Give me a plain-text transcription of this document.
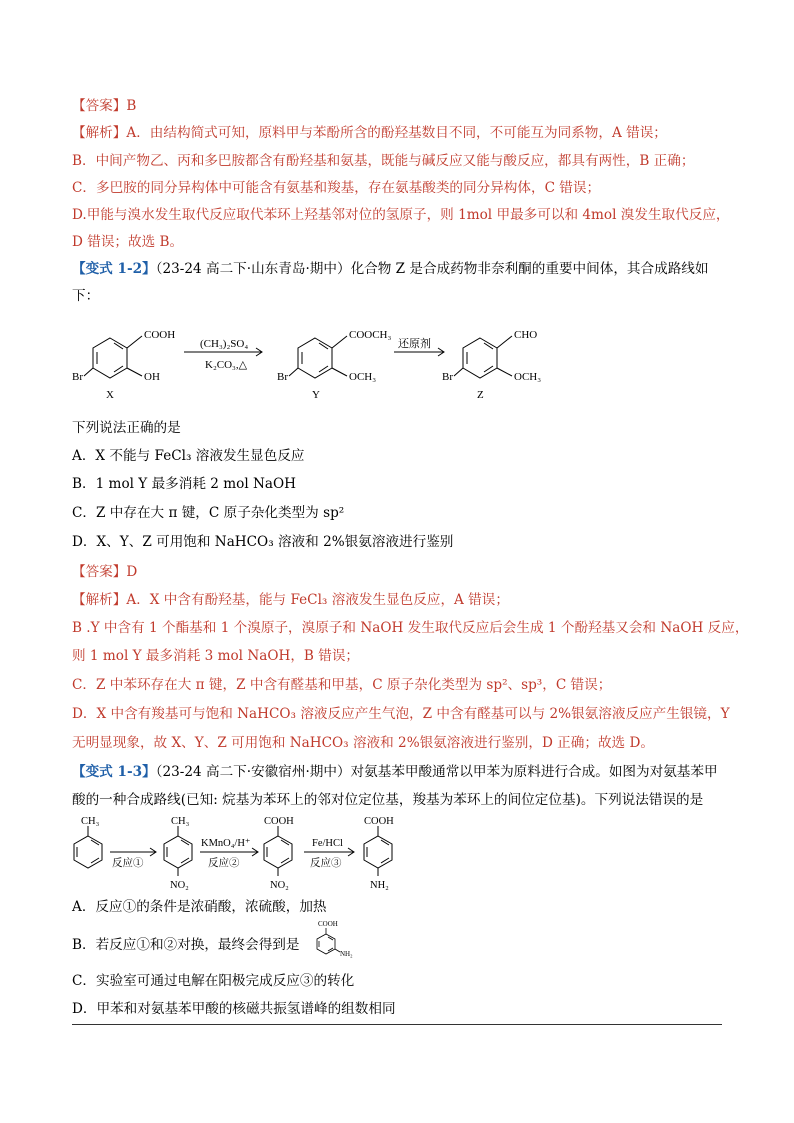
【答案】B
【解析】A．由结构简式可知，原料甲与苯酚所含的酚羟基数目不同，不可能互为同系物，A 错误；
B．中间产物乙、丙和多巴胺都含有酚羟基和氨基，既能与碱反应又能与酸反应，都具有两性，B 正确；
C．多巴胺的同分异构体中可能含有氨基和羧基，存在氨基酸类的同分异构体，C 错误；
D.甲能与溴水发生取代反应取代苯环上羟基邻对位的氢原子，则 1mol 甲最多可以和 4mol 溴发生取代反应，
D 错误；故选 B。
【变式 1-2】（23-24 高二下·山东青岛·期中）化合物 Z 是合成药物非奈利酮的重要中间体，其合成路线如
下：
COOH
OH
Br
X
(CH₃)₂SO₄
K₂CO₃,△
COOCH₃
OCH₃
Br
Y
还原剂
CHO
OCH₃
Br
Z
下列说法正确的是
A．X 不能与 FeCl₃ 溶液发生显色反应
B．1 mol Y 最多消耗 2 mol NaOH
C．Z 中存在大 π 键，C 原子杂化类型为 sp²
D．X、Y、Z 可用饱和 NaHCO₃ 溶液和 2%银氨溶液进行鉴别
【答案】D
【解析】A．X 中含有酚羟基，能与 FeCl₃ 溶液发生显色反应，A 错误；
B .Y 中含有 1 个酯基和 1 个溴原子，溴原子和 NaOH 发生取代反应后会生成 1 个酚羟基又会和 NaOH 反应，
则 1 mol Y 最多消耗 3 mol NaOH，B 错误；
C．Z 中苯环存在大 π 键，Z 中含有醛基和甲基，C 原子杂化类型为 sp²、sp³，C 错误；
D．X 中含有羧基可与饱和 NaHCO₃ 溶液反应产生气泡，Z 中含有醛基可以与 2%银氨溶液反应产生银镜，Y
无明显现象，故 X、Y、Z 可用饱和 NaHCO₃ 溶液和 2%银氨溶液进行鉴别，D 正确；故选 D。
【变式 1-3】（23-24 高二下·安徽宿州·期中）对氨基苯甲酸通常以甲苯为原料进行合成。如图为对氨基苯甲
酸的一种合成路线(已知: 烷基为苯环上的邻对位定位基，羧基为苯环上的间位定位基)。下列说法错误的是
CH₃
反应①
CH₃
NO₂
KMnO₄/H⁺
反应②
COOH
NO₂
Fe/HCl
反应③
COOH
NH₂
A．反应①的条件是浓硝酸，浓硫酸，加热
B．若反应①和②对换，最终会得到是
COOH
NH₂
C．实验室可通过电解在阳极完成反应③的转化
D．甲苯和对氨基苯甲酸的核磁共振氢谱峰的组数相同
